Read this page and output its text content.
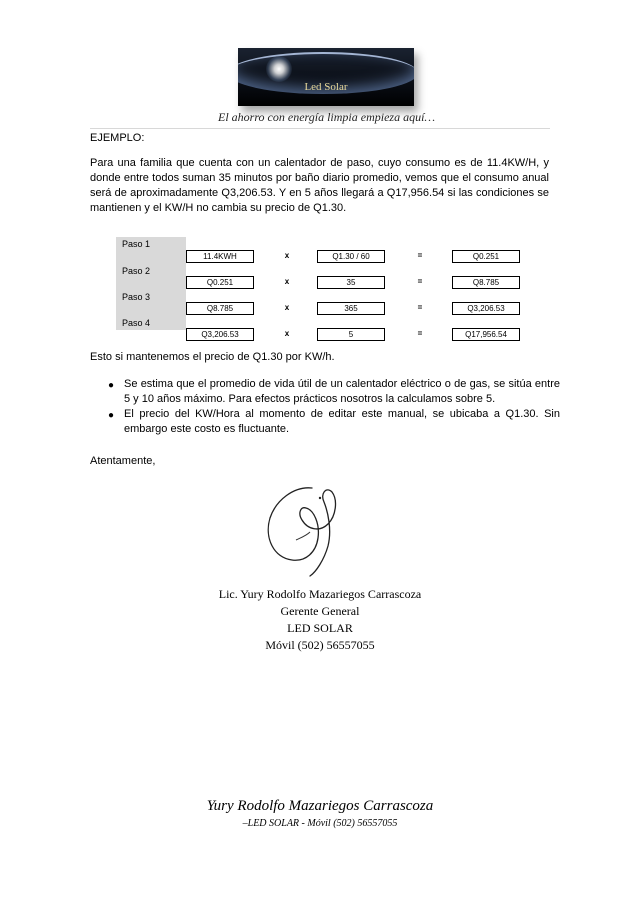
Led Solar
El ahorro con energía limpia empieza aquí…
EJEMPLO:
Para una familia que cuenta con un calentador de paso, cuyo consumo es de 11.4KW/H, y donde entre todos suman 35 minutos por baño diario promedio, vemos que el consumo anual será de aproximadamente Q3,206.53. Y en 5 años llegará a Q17,956.54 si las condiciones se mantienen y el KW/H no cambia su precio de Q1.30.
Paso 1
11.4KWH	x	Q1.30 / 60	=	Q0.251
Paso 2
Q0.251	x	35	=	Q8.785
Paso 3
Q8.785	x	365	=	Q3,206.53
Paso 4
Q3,206.53	x	5	=	Q17,956.54
Esto si mantenemos el precio de Q1.30 por KW/h.
● Se estima que el promedio de vida útil de un calentador eléctrico o de gas, se sitúa entre 5 y 10 años máximo. Para efectos prácticos nosotros la calculamos sobre 5.
● El precio del KW/Hora al momento de editar este manual, se ubicaba a Q1.30. Sin embargo este costo es fluctuante.
Atentamente,
Lic. Yury Rodolfo Mazariegos Carrascoza
Gerente General
LED SOLAR
Móvil (502) 56557055
Yury Rodolfo Mazariegos Carrascoza
–LED SOLAR - Móvil (502) 56557055
